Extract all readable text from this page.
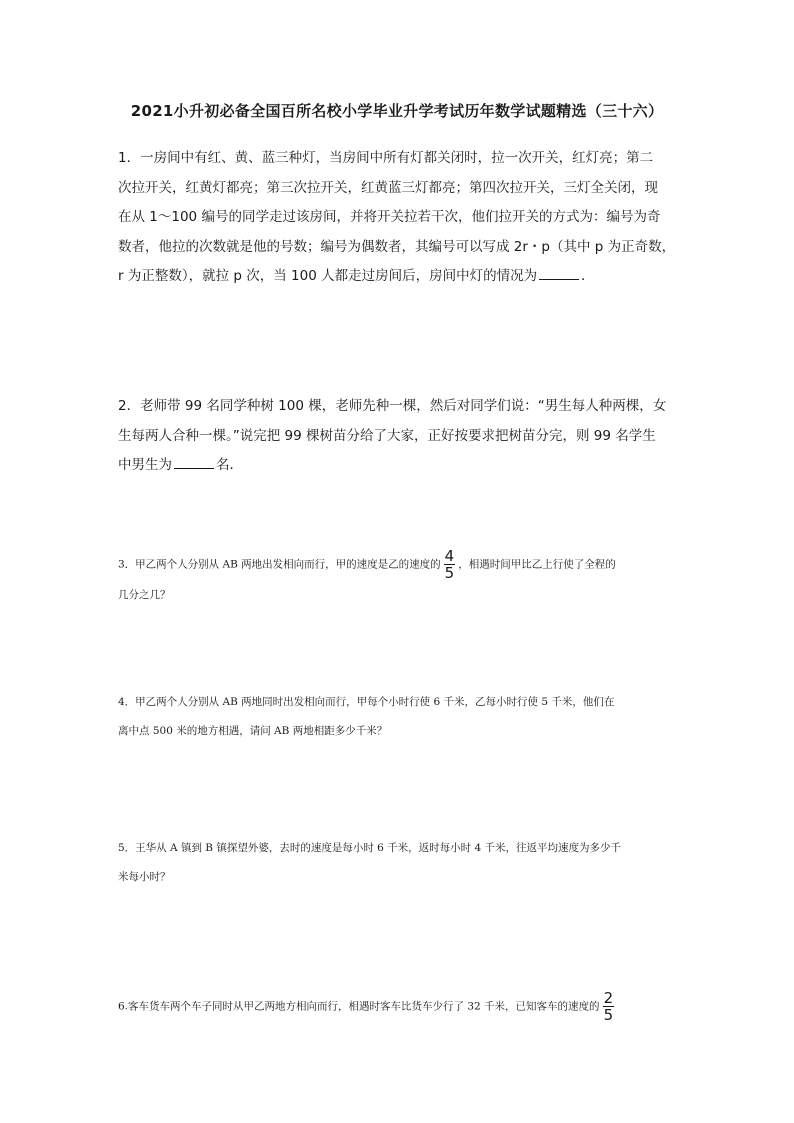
2021小升初必备全国百所名校小学毕业升学考试历年数学试题精选（三十六）
1．一房间中有红、黄、蓝三种灯，当房间中所有灯都关闭时，拉一次开关，红灯亮；第二
次拉开关，红黄灯都亮；第三次拉开关，红黄蓝三灯都亮；第四次拉开关，三灯全关闭，现
在从 1～100 编号的同学走过该房间，并将开关拉若干次，他们拉开关的方式为：编号为奇
数者，他拉的次数就是他的号数；编号为偶数者，其编号可以写成 2r・p（其中 p 为正奇数，
r 为正整数），就拉 p 次，当 100 人都走过房间后，房间中灯的情况为	．
2．老师带 99 名同学种树 100 棵，老师先种一棵，然后对同学们说：“男生每人种两棵，女
生每两人合种一棵。”说完把 99 棵树苗分给了大家，正好按要求把树苗分完，则 99 名学生
中男生为	名．
3．甲乙两个人分别从 AB 两地出发相向而行，甲的速度是乙的速度的 $\frac{4}{5}$ ，相遇时间甲比乙上行使了全程的
几分之几？
4．甲乙两个人分别从 AB 两地同时出发相向而行，甲每个小时行使 6 千米，乙每小时行使 5 千米，他们在
离中点 500 米的地方相遇，请问 AB 两地相距多少千米？
5．王华从 A 镇到 B 镇探望外婆，去时的速度是每小时 6 千米，返时每小时 4 千米，往返平均速度为多少千
米每小时？
6.客车货车两个车子同时从甲乙两地方相向而行，相遇时客车比货车少行了 32 千米，已知客车的速度的 $\frac{2}{5}$
